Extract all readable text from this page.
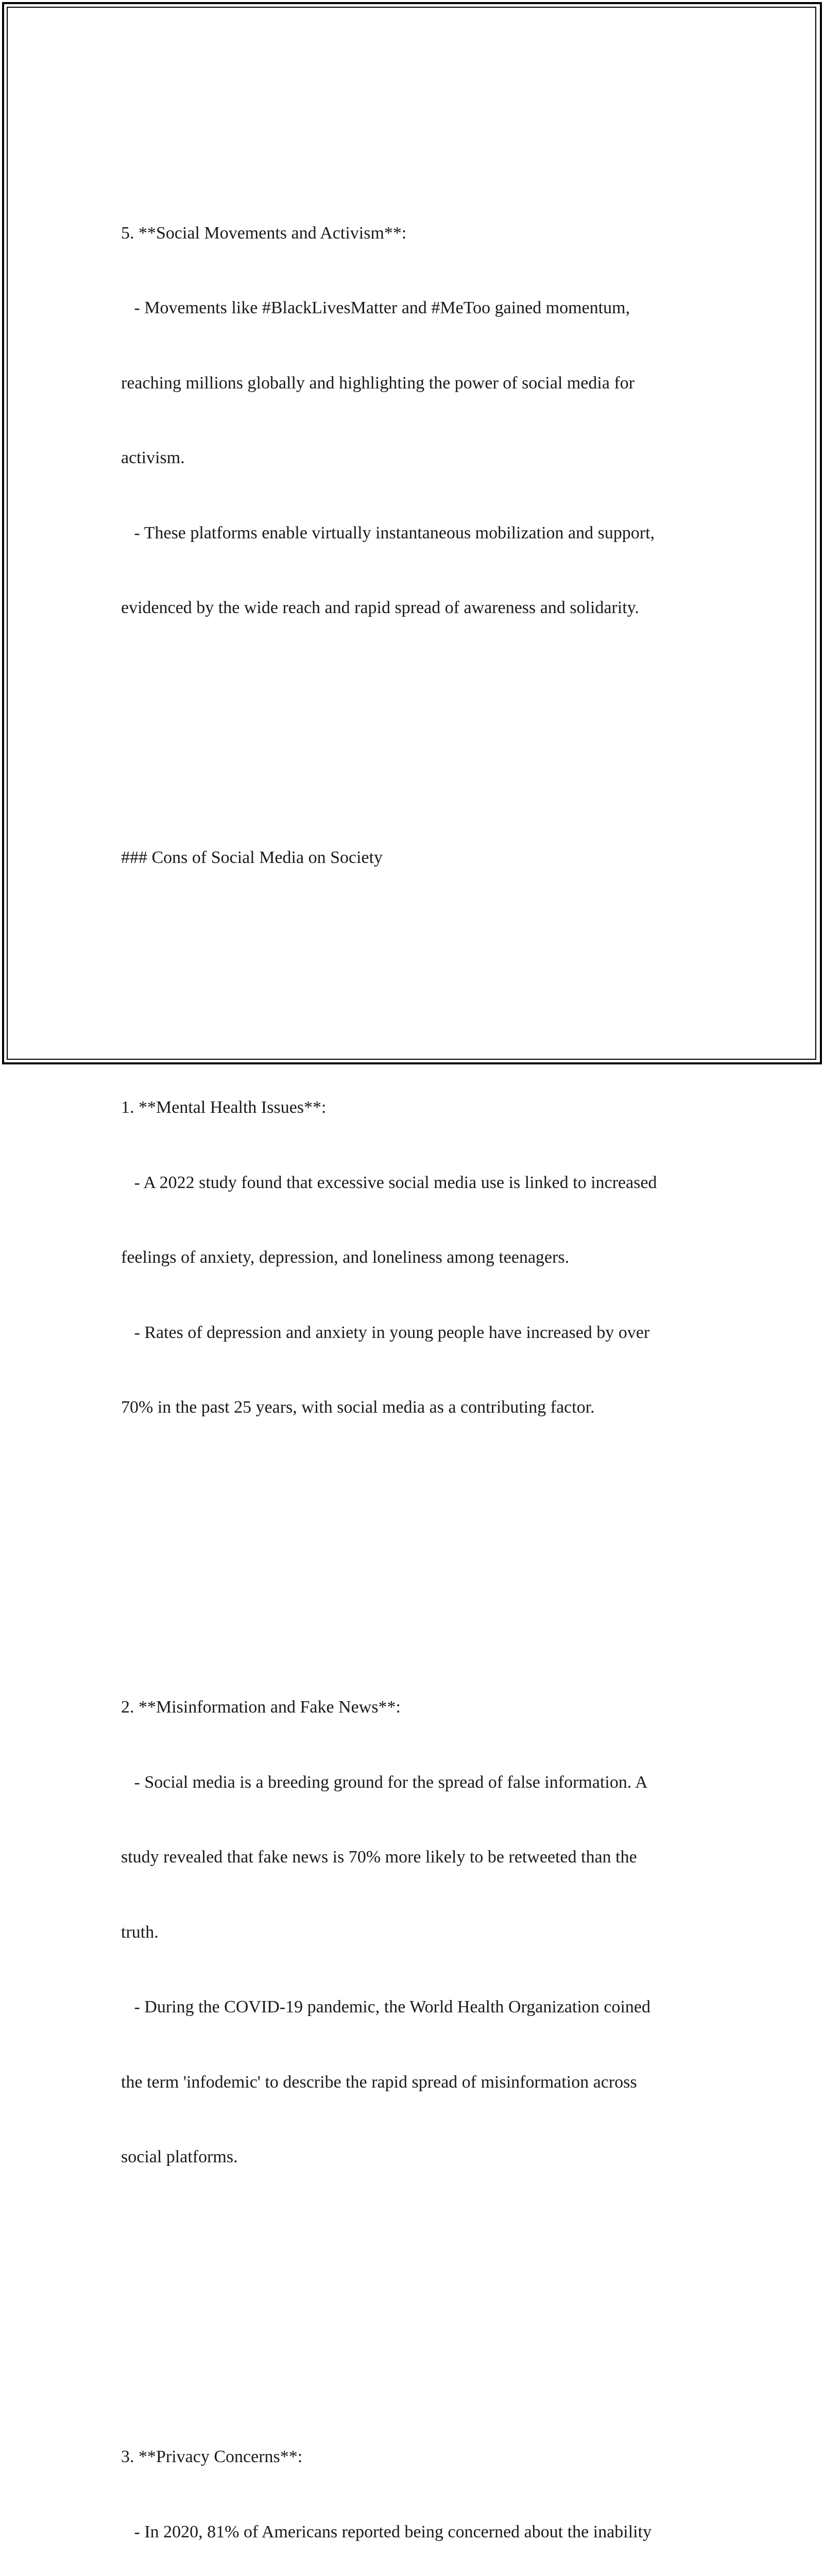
5. **Social Movements and Activism**:

- Movements like #BlackLivesMatter and #MeToo gained momentum,

reaching millions globally and highlighting the power of social media for

activism.

- These platforms enable virtually instantaneous mobilization and support,

evidenced by the wide reach and rapid spread of awareness and solidarity.

### Cons of Social Media on Society

1. **Mental Health Issues**:

- A 2022 study found that excessive social media use is linked to increased

feelings of anxiety, depression, and loneliness among teenagers.

- Rates of depression and anxiety in young people have increased by over

70% in the past 25 years, with social media as a contributing factor.

2. **Misinformation and Fake News**:

- Social media is a breeding ground for the spread of false information. A

study revealed that fake news is 70% more likely to be retweeted than the

truth.

- During the COVID-19 pandemic, the World Health Organization coined

the term 'infodemic' to describe the rapid spread of misinformation across

social platforms.

3. **Privacy Concerns**:

- In 2020, 81% of Americans reported being concerned about the inability
